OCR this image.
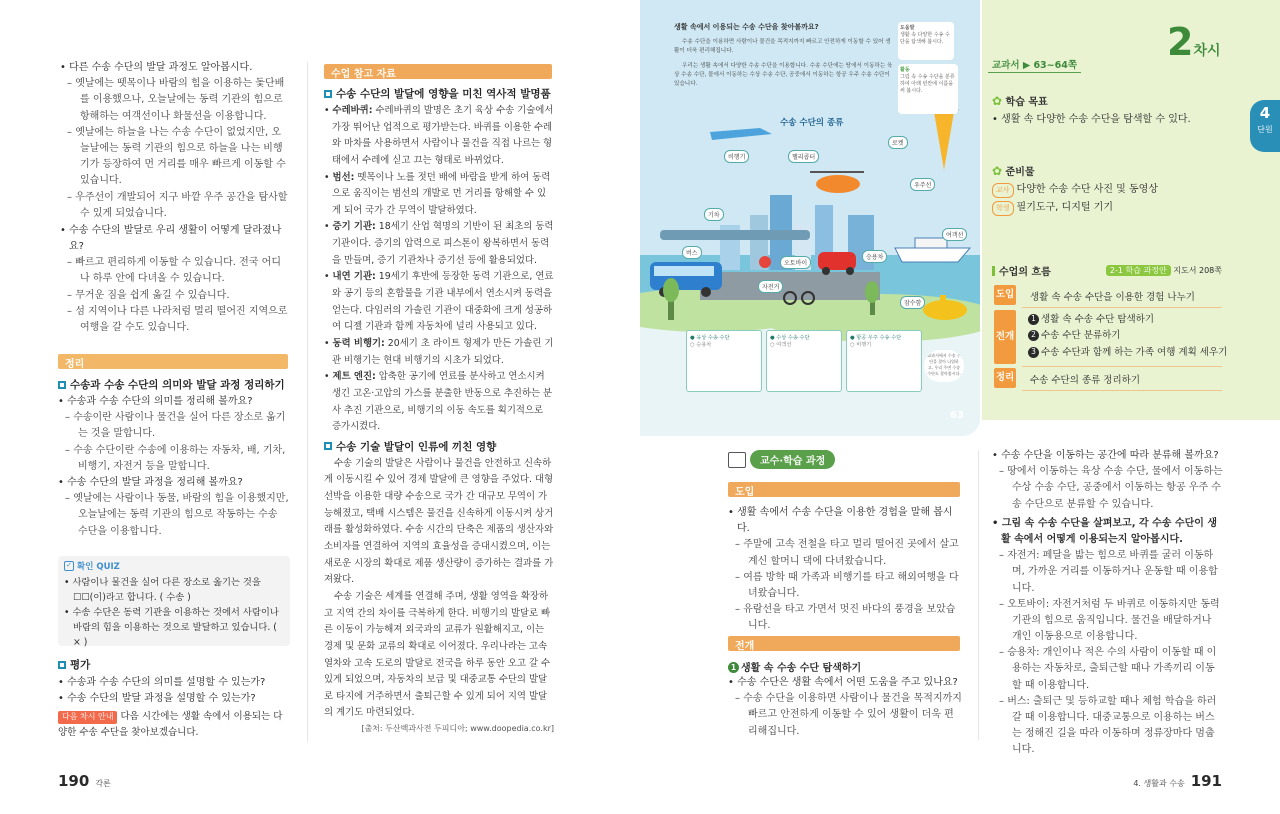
• 다른 수송 수단의 발달 과정도 알아봅시다.

– 옛날에는 뗏목이나 바람의 힘을 이용하는 돛단배를 이용했으나, 오늘날에는 동력 기관의 힘으로 항해하는 여객선이나 화물선을 이용합니다.

– 옛날에는 하늘을 나는 수송 수단이 없었지만, 오늘날에는 동력 기관의 힘으로 하늘을 나는 비행기가 등장하여 먼 거리를 매우 빠르게 이동할 수 있습니다.

– 우주선이 개발되어 지구 바깥 우주 공간을 탐사할 수 있게 되었습니다.

• 수송 수단의 발달로 우리 생활이 어떻게 달라졌나요?

– 빠르고 편리하게 이동할 수 있습니다. 전국 어디나 하루 안에 다녀올 수 있습니다.

– 무거운 짐을 쉽게 옮길 수 있습니다.

– 섬 지역이나 다른 나라처럼 멀리 떨어진 지역으로 여행을 갈 수도 있습니다.

정리
수송과 수송 수단의 의미와 발달 과정 정리하기

• 수송과 수송 수단의 의미를 정리해 볼까요?

– 수송이란 사람이나 물건을 실어 다른 장소로 옮기는 것을 말합니다.

– 수송 수단이란 수송에 이용하는 자동차, 배, 기차, 비행기, 자전거 등을 말합니다.

• 수송 수단의 발달 과정을 정리해 볼까요?

– 옛날에는 사람이나 동물, 바람의 힘을 이용했지만, 오늘날에는 동력 기관의 힘으로 작동하는 수송 수단을 이용합니다.

✓ 확인 QUIZ

• 사람이나 물건을 실어 다른 장소로 옮기는 것을 ☐☐(이)라고 합니다. ( 수송 )

• 수송 수단은 동력 기관을 이용하는 것에서 사람이나 바람의 힘을 이용하는 것으로 발달하고 있습니다. ( × )

평가

• 수송과 수송 수단의 의미를 설명할 수 있는가?

• 수송 수단의 발달 과정을 설명할 수 있는가?

다음 차시 안내 다음 시간에는 생활 속에서 이용되는 다양한 수송 수단을 찾아보겠습니다.

수업 참고 자료
수송 수단의 발달에 영향을 미친 역사적 발명품

• 수레바퀴: 수레바퀴의 발명은 초기 육상 수송 기술에서 가장 뛰어난 업적으로 평가받는다. 바퀴를 이용한 수레와 마차를 사용하면서 사람이나 물건을 직접 나르는 형태에서 수레에 싣고 끄는 형태로 바뀌었다.

• 범선: 뗏목이나 노를 젓던 배에 바람을 받게 하여 동력으로 움직이는 범선의 개발로 먼 거리를 항해할 수 있게 되어 국가 간 무역이 발달하였다.

• 증기 기관: 18세기 산업 혁명의 기반이 된 최초의 동력 기관이다. 증기의 압력으로 피스톤이 왕복하면서 동력을 만들며, 증기 기관차나 증기선 등에 활용되었다.

• 내연 기관: 19세기 후반에 등장한 동력 기관으로, 연료와 공기 등의 혼합물을 기관 내부에서 연소시켜 동력을 얻는다. 다임러의 가솔린 기관이 대중화에 크게 성공하여 디젤 기관과 함께 자동차에 널리 사용되고 있다.

• 동력 비행기: 20세기 초 라이트 형제가 만든 가솔린 기관 비행기는 현대 비행기의 시초가 되었다.

• 제트 엔진: 압축한 공기에 연료를 분사하고 연소시켜 생긴 고온·고압의 가스를 분출한 반동으로 추진하는 분사 추진 기관으로, 비행기의 이동 속도를 획기적으로 증가시켰다.

수송 기술 발달이 인류에 끼친 영향

수송 기술의 발달은 사람이나 물건을 안전하고 신속하게 이동시킬 수 있어 경제 발달에 큰 영향을 주었다. 대형 선박을 이용한 대량 수송으로 국가 간 대규모 무역이 가능해졌고, 택배 시스템은 물건을 신속하게 이동시켜 상거래를 활성화하였다. 수송 시간의 단축은 제품의 생산자와 소비자를 연결하여 지역의 효율성을 증대시켰으며, 이는 새로운 시장의 확대로 제품 생산량이 증가하는 결과를 가져왔다.

수송 기술은 세계를 연결해 주며, 생활 영역을 확장하고 지역 간의 차이를 극복하게 한다. 비행기의 발달로 빠른 이동이 가능해져 외국과의 교류가 원활해지고, 이는 경제 및 문화 교류의 확대로 이어졌다. 우리나라는 고속 열차와 고속 도로의 발달로 전국을 하루 동안 오고 갈 수 있게 되었으며, 자동차의 보급 및 대중교통 수단의 발달로 타지에 거주하면서 출퇴근할 수 있게 되어 지역 발달의 계기도 마련되었다.

[출처: 두산백과사전 두피디아; www.doopedia.co.kr]

190 각론
생활 속에서 이용되는 수송 수단을 찾아볼까요?
수송 수단을 이용하면 사람이나 물건을 목적지까지 빠르고 안전하게 이동할 수 있어 생활이 더욱 편리해집니다.
우리는 생활 속에서 다양한 수송 수단을 이용합니다. 수송 수단에는 땅에서 이동하는 육상 수송 수단, 물에서 이동하는 수상 수송 수단, 공중에서 이동하는 항공 우주 수송 수단이 있습니다.
도움말
생활 속 다양한 수송 수단을 탐색해 봅시다.
활동
그림 속 수송 수단을 분류하여 아래 빈칸에 이름을 써 봅시다.
수송 수단의 종류
비행기	헬리콥터
로켓
우주선
기차
버스
오토바이
승용차
여객선
자전거
잠수함
● 육상 수송 수단
○ 승용차
● 수상 수송 수단
○ 여객선
● 항공 우주 수송 수단
○ 비행기
교과서에서 수송 수단을 찾아 나열하고, 우리 주변 수송 수단도 찾아봅시다.
63
2 차시
교과서 ▶ 63~64쪽
✿ 학습 목표

• 생활 속 다양한 수송 수단을 탐색할 수 있다.

✿ 준비물
교사 다양한 수송 수단 사진 및 동영상
학생 필기도구, 디지털 기기
수업의 흐름	2-1 학습 과정안 지도서 208쪽
도입 생활 속 수송 수단을 이용한 경험 나누기
전개
1 생활 속 수송 수단 탐색하기
2 수송 수단 분류하기
3 수송 수단과 함께 하는 가족 여행 계획 세우기
정리 수송 수단의 종류 정리하기
4
단원
교수·학습 과정
도입

• 생활 속에서 수송 수단을 이용한 경험을 말해 봅시다.

– 주말에 고속 전철을 타고 멀리 떨어진 곳에서 살고 계신 할머니 댁에 다녀왔습니다.

– 여름 방학 때 가족과 비행기를 타고 해외여행을 다녀왔습니다.

– 유람선을 타고 가면서 멋진 바다의 풍경을 보았습니다.

전개
1 생활 속 수송 수단 탐색하기

• 수송 수단은 생활 속에서 어떤 도움을 주고 있나요?

– 수송 수단을 이용하면 사람이나 물건을 목적지까지 빠르고 안전하게 이동할 수 있어 생활이 더욱 편리해집니다.

• 수송 수단을 이동하는 공간에 따라 분류해 볼까요?

– 땅에서 이동하는 육상 수송 수단, 물에서 이동하는 수상 수송 수단, 공중에서 이동하는 항공 우주 수송 수단으로 분류할 수 있습니다.

• 그림 속 수송 수단을 살펴보고, 각 수송 수단이 생활 속에서 어떻게 이용되는지 알아봅시다.

– 자전거: 페달을 밟는 힘으로 바퀴를 굴러 이동하며, 가까운 거리를 이동하거나 운동할 때 이용합니다.

– 오토바이: 자전거처럼 두 바퀴로 이동하지만 동력 기관의 힘으로 움직입니다. 물건을 배달하거나 개인 이동용으로 이용합니다.

– 승용차: 개인이나 적은 수의 사람이 이동할 때 이용하는 자동차로, 출퇴근할 때나 가족끼리 이동할 때 이용합니다.

– 버스: 출퇴근 및 등하교할 때나 체험 학습을 하러 갈 때 이용합니다. 대중교통으로 이용하는 버스는 정해진 길을 따라 이동하며 정류장마다 멈춥니다.

4. 생활과 수송 191
